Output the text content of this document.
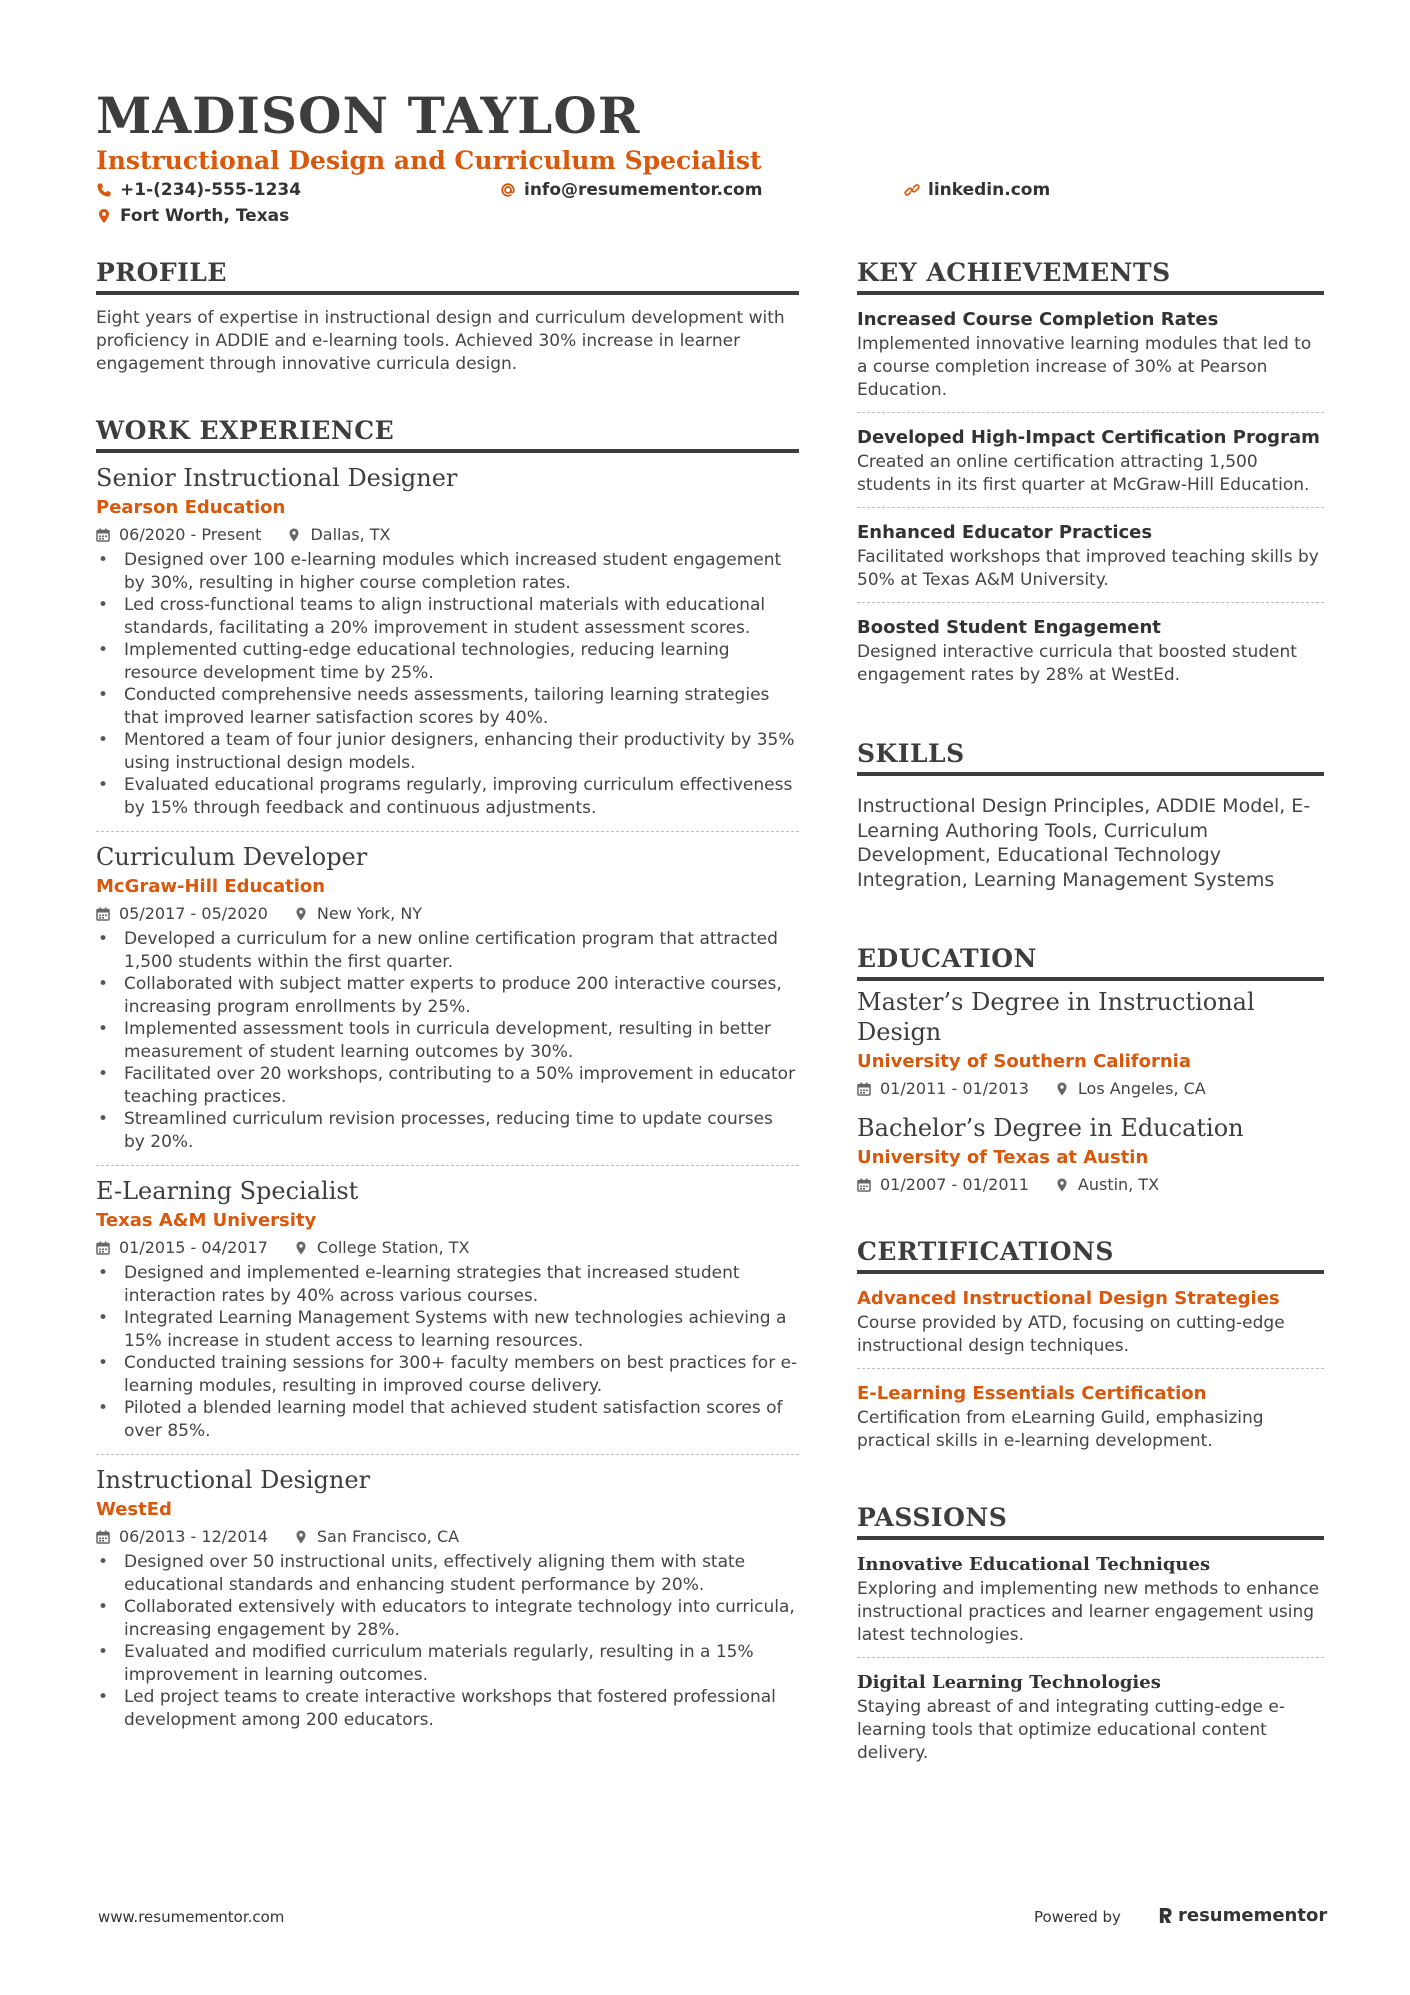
MADISON TAYLOR
Instructional Design and Curriculum Specialist
+1-(234)-555-1234	info@resumementor.com	linkedin.com
Fort Worth, Texas
PROFILE
Eight years of expertise in instructional design and curriculum development with proficiency in ADDIE and e-learning tools. Achieved 30% increase in learner engagement through innovative curricula design.
WORK EXPERIENCE
Senior Instructional Designer
Pearson Education
06/2020 - Present	Dallas, TX
• Designed over 100 e-learning modules which increased student engagement by 30%, resulting in higher course completion rates.
• Led cross-functional teams to align instructional materials with educational standards, facilitating a 20% improvement in student assessment scores.
• Implemented cutting-edge educational technologies, reducing learning resource development time by 25%.
• Conducted comprehensive needs assessments, tailoring learning strategies that improved learner satisfaction scores by 40%.
• Mentored a team of four junior designers, enhancing their productivity by 35% using instructional design models.
• Evaluated educational programs regularly, improving curriculum effectiveness by 15% through feedback and continuous adjustments.
Curriculum Developer
McGraw-Hill Education
05/2017 - 05/2020	New York, NY
• Developed a curriculum for a new online certification program that attracted 1,500 students within the first quarter.
• Collaborated with subject matter experts to produce 200 interactive courses, increasing program enrollments by 25%.
• Implemented assessment tools in curricula development, resulting in better measurement of student learning outcomes by 30%.
• Facilitated over 20 workshops, contributing to a 50% improvement in educator teaching practices.
• Streamlined curriculum revision processes, reducing time to update courses by 20%.
E-Learning Specialist
Texas A&M University
01/2015 - 04/2017	College Station, TX
• Designed and implemented e-learning strategies that increased student interaction rates by 40% across various courses.
• Integrated Learning Management Systems with new technologies achieving a 15% increase in student access to learning resources.
• Conducted training sessions for 300+ faculty members on best practices for e-learning modules, resulting in improved course delivery.
• Piloted a blended learning model that achieved student satisfaction scores of over 85%.
Instructional Designer
WestEd
06/2013 - 12/2014	San Francisco, CA
• Designed over 50 instructional units, effectively aligning them with state educational standards and enhancing student performance by 20%.
• Collaborated extensively with educators to integrate technology into curricula, increasing engagement by 28%.
• Evaluated and modified curriculum materials regularly, resulting in a 15% improvement in learning outcomes.
• Led project teams to create interactive workshops that fostered professional development among 200 educators.
KEY ACHIEVEMENTS
Increased Course Completion Rates
Implemented innovative learning modules that led to a course completion increase of 30% at Pearson Education.
Developed High-Impact Certification Program
Created an online certification attracting 1,500 students in its first quarter at McGraw-Hill Education.
Enhanced Educator Practices
Facilitated workshops that improved teaching skills by 50% at Texas A&M University.
Boosted Student Engagement
Designed interactive curricula that boosted student engagement rates by 28% at WestEd.
SKILLS
Instructional Design Principles, ADDIE Model, E-Learning Authoring Tools, Curriculum Development, Educational Technology Integration, Learning Management Systems
EDUCATION
Master’s Degree in Instructional Design
University of Southern California
01/2011 - 01/2013	Los Angeles, CA
Bachelor’s Degree in Education
University of Texas at Austin
01/2007 - 01/2011	Austin, TX
CERTIFICATIONS
Advanced Instructional Design Strategies
Course provided by ATD, focusing on cutting-edge instructional design techniques.
E-Learning Essentials Certification
Certification from eLearning Guild, emphasizing practical skills in e-learning development.
PASSIONS
Innovative Educational Techniques
Exploring and implementing new methods to enhance instructional practices and learner engagement using latest technologies.
Digital Learning Technologies
Staying abreast of and integrating cutting-edge e-learning tools that optimize educational content delivery.
www.resumementor.com	Powered by	resumementor
